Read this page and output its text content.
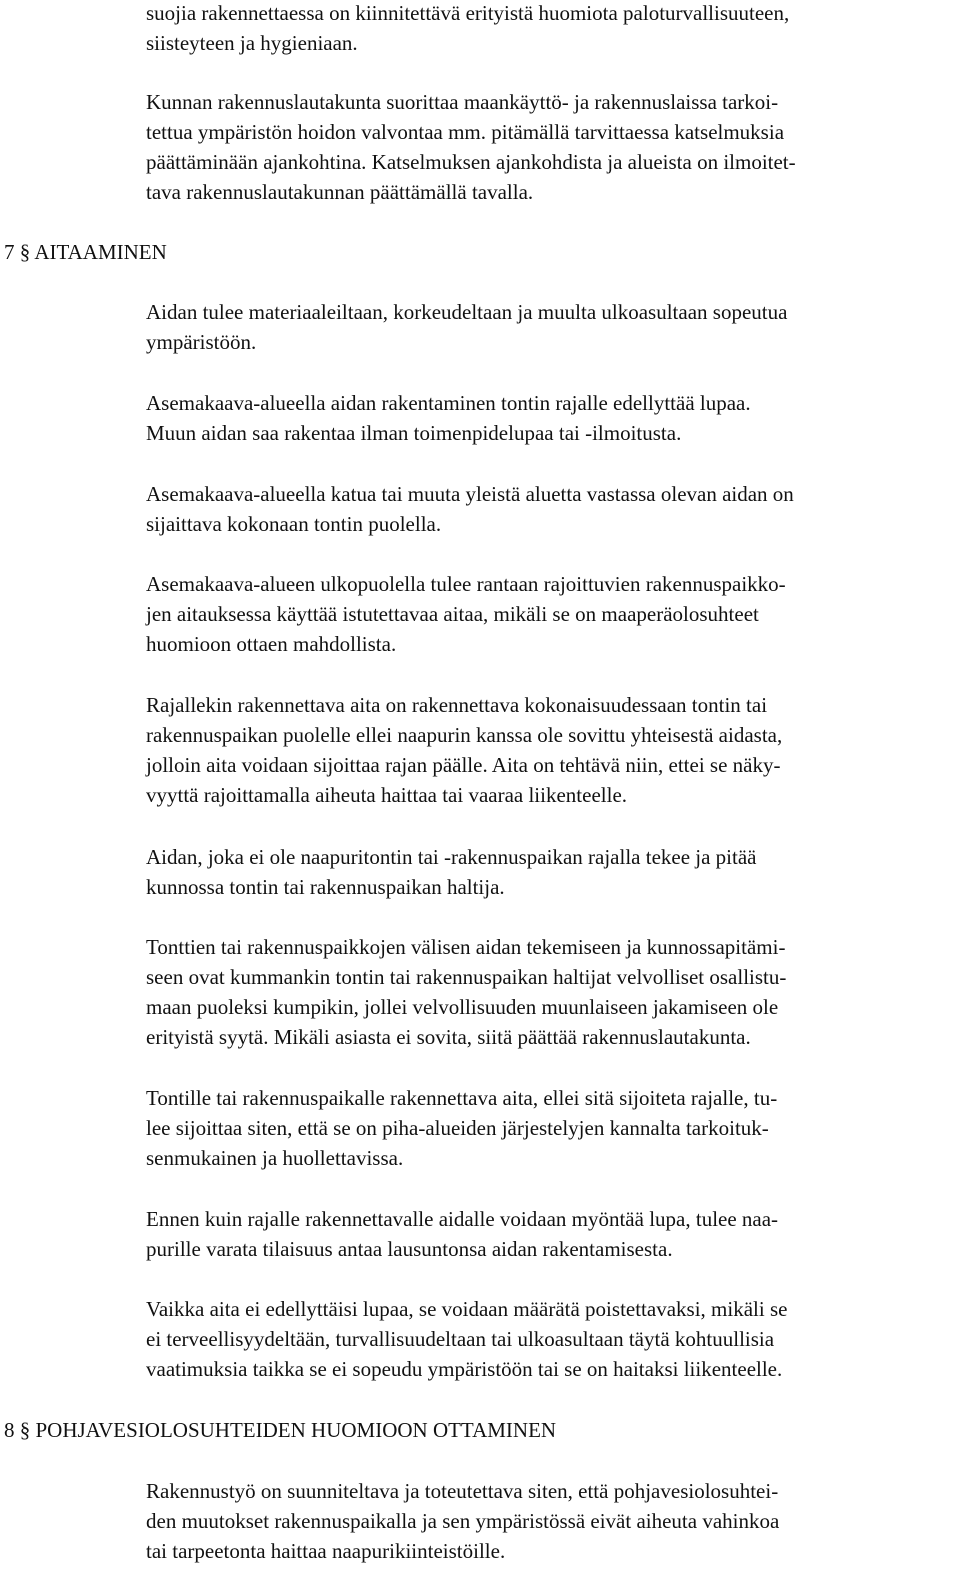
suojia rakennettaessa on kiinnitettävä erityistä huomiota paloturvallisuuteen,
siisteyteen ja hygieniaan.
Kunnan rakennuslautakunta suorittaa maankäyttö- ja rakennuslaissa tarkoi-
tettua ympäristön hoidon valvontaa mm. pitämällä tarvittaessa katselmuksia
päättäminään ajankohtina. Katselmuksen ajankohdista ja alueista on ilmoitet-
tava rakennuslautakunnan päättämällä tavalla.
7 § AITAAMINEN
Aidan tulee materiaaleiltaan, korkeudeltaan ja muulta ulkoasultaan sopeutua
ympäristöön.
Asemakaava-alueella aidan rakentaminen tontin rajalle edellyttää lupaa.
Muun aidan saa rakentaa ilman toimenpidelupaa tai -ilmoitusta.
Asemakaava-alueella katua tai muuta yleistä aluetta vastassa olevan aidan on
sijaittava kokonaan tontin puolella.
Asemakaava-alueen ulkopuolella tulee rantaan rajoittuvien rakennuspaikko-
jen aitauksessa käyttää istutettavaa aitaa, mikäli se on maaperäolosuhteet
huomioon ottaen mahdollista.
Rajallekin rakennettava aita on rakennettava kokonaisuudessaan tontin tai
rakennuspaikan puolelle ellei naapurin kanssa ole sovittu yhteisestä aidasta,
jolloin aita voidaan sijoittaa rajan päälle. Aita on tehtävä niin, ettei se näky-
vyyttä rajoittamalla aiheuta haittaa tai vaaraa liikenteelle.
Aidan, joka ei ole naapuritontin tai -rakennuspaikan rajalla tekee ja pitää
kunnossa tontin tai rakennuspaikan haltija.
Tonttien tai rakennuspaikkojen välisen aidan tekemiseen ja kunnossapitämi-
seen ovat kummankin tontin tai rakennuspaikan haltijat velvolliset osallistu-
maan puoleksi kumpikin, jollei velvollisuuden muunlaiseen jakamiseen ole
erityistä syytä. Mikäli asiasta ei sovita, siitä päättää rakennuslautakunta.
Tontille tai rakennuspaikalle rakennettava aita, ellei sitä sijoiteta rajalle, tu-
lee sijoittaa siten, että se on piha-alueiden järjestelyjen kannalta tarkoituk-
senmukainen ja huollettavissa.
Ennen kuin rajalle rakennettavalle aidalle voidaan myöntää lupa, tulee naa-
purille varata tilaisuus antaa lausuntonsa aidan rakentamisesta.
Vaikka aita ei edellyttäisi lupaa, se voidaan määrätä poistettavaksi, mikäli se
ei terveellisyydeltään, turvallisuudeltaan tai ulkoasultaan täytä kohtuullisia
vaatimuksia taikka se ei sopeudu ympäristöön tai se on haitaksi liikenteelle.
8 § POHJAVESIOLOSUHTEIDEN HUOMIOON OTTAMINEN
Rakennustyö on suunniteltava ja toteutettava siten, että pohjavesiolosuhtei-
den muutokset rakennuspaikalla ja sen ympäristössä eivät aiheuta vahinkoa
tai tarpeetonta haittaa naapurikiinteistöille.
